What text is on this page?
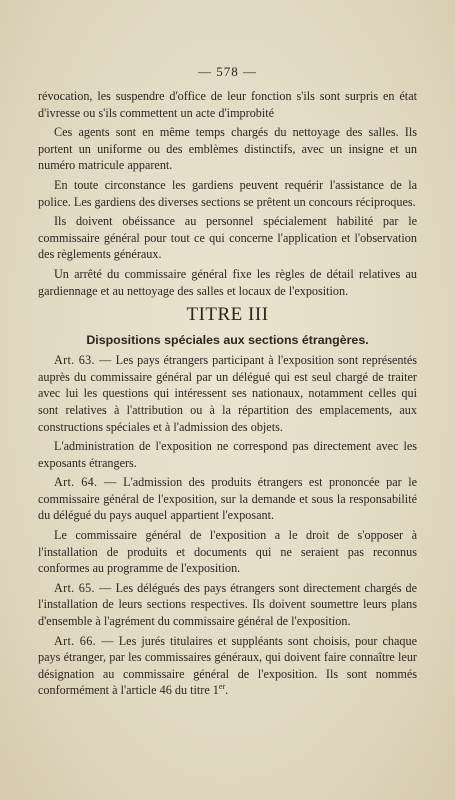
— 578 —

révocation, les suspendre d'office de leur fonction s'ils sont surpris en état d'ivresse ou s'ils commettent un acte d'improbité

Ces agents sont en même temps chargés du nettoyage des salles. Ils portent un uniforme ou des emblèmes distinctifs, avec un insigne et un numéro matricule apparent.

En toute circonstance les gardiens peuvent requérir l'assistance de la police. Les gardiens des diverses sections se prêtent un concours réciproques.

Ils doivent obéissance au personnel spécialement habilité par le commissaire général pour tout ce qui concerne l'application et l'observation des règlements généraux.

Un arrêté du commissaire général fixe les règles de détail relatives au gardiennage et au nettoyage des salles et locaux de l'exposition.

TITRE III
Dispositions spéciales aux sections étrangères.

Art. 63. — Les pays étrangers participant à l'exposition sont représentés auprès du commissaire général par un délégué qui est seul chargé de traiter avec lui les questions qui intéressent ses nationaux, notamment celles qui sont relatives à l'attribution ou à la répartition des emplacements, aux constructions spéciales et à l'admission des objets.

L'administration de l'exposition ne correspond pas directement avec les exposants étrangers.

Art. 64. — L'admission des produits étrangers est prononcée par le commissaire général de l'exposition, sur la demande et sous la responsabilité du délégué du pays auquel appartient l'exposant.

Le commissaire général de l'exposition a le droit de s'opposer à l'installation de produits et documents qui ne seraient pas reconnus conformes au programme de l'exposition.

Art. 65. — Les délégués des pays étrangers sont directement chargés de l'installation de leurs sections respectives. Ils doivent soumettre leurs plans d'ensemble à l'agrément du commissaire général de l'exposition.

Art. 66. — Les jurés titulaires et suppléants sont choisis, pour chaque pays étranger, par les commissaires généraux, qui doivent faire connaître leur désignation au commissaire général de l'exposition. Ils sont nommés conformément à l'article 46 du titre 1er.
